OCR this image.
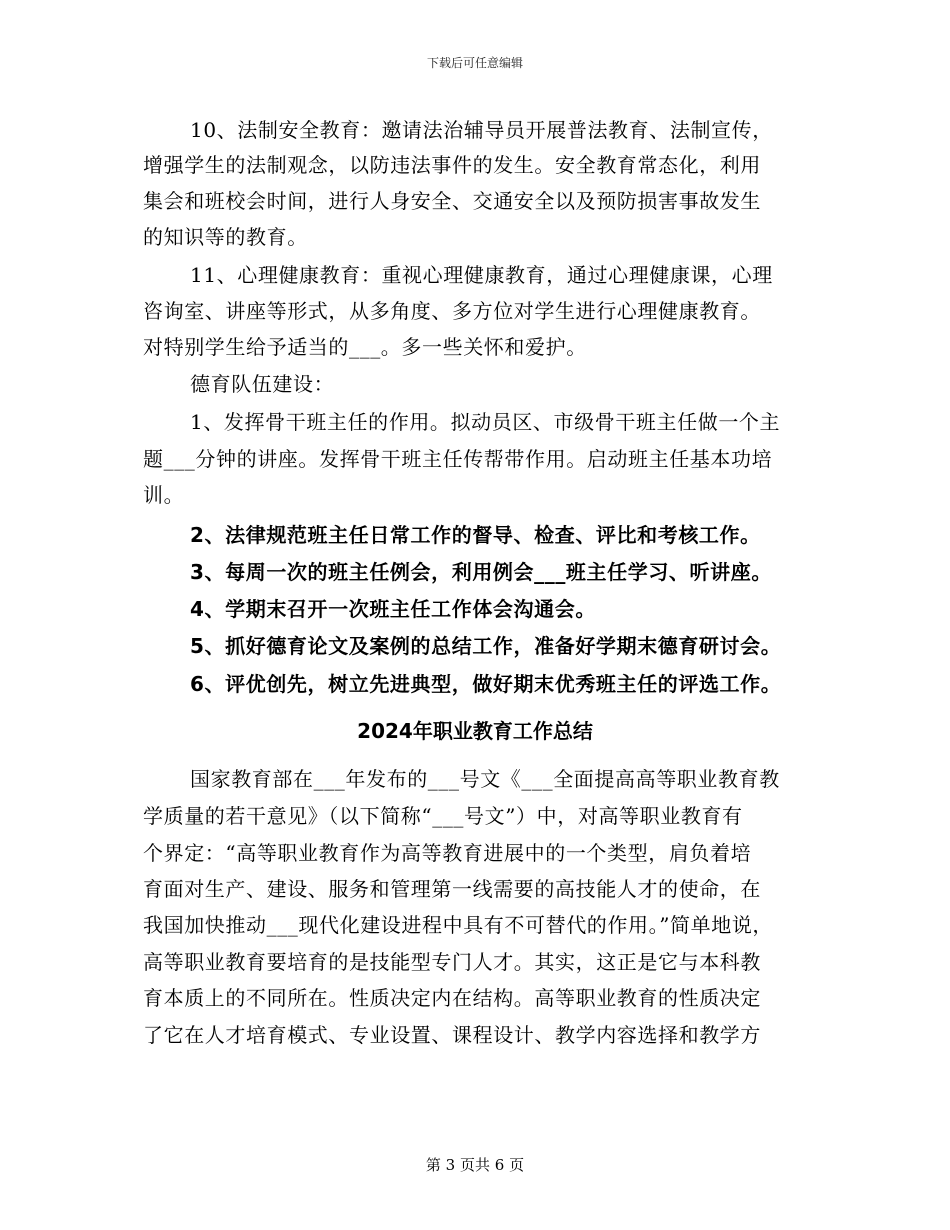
下载后可任意编辑
10、法制安全教育：邀请法治辅导员开展普法教育、法制宣传，
增强学生的法制观念，以防违法事件的发生。安全教育常态化，利用
集会和班校会时间，进行人身安全、交通安全以及预防损害事故发生
的知识等的教育。
11、心理健康教育：重视心理健康教育，通过心理健康课，心理
咨询室、讲座等形式，从多角度、多方位对学生进行心理健康教育。
对特别学生给予适当的___。多一些关怀和爱护。
德育队伍建设：
1、发挥骨干班主任的作用。拟动员区、市级骨干班主任做一个主
题___分钟的讲座。发挥骨干班主任传帮带作用。启动班主任基本功培
训。
2、法律规范班主任日常工作的督导、检查、评比和考核工作。
3、每周一次的班主任例会，利用例会___班主任学习、听讲座。
4、学期末召开一次班主任工作体会沟通会。
5、抓好德育论文及案例的总结工作，准备好学期末德育研讨会。
6、评优创先，树立先进典型，做好期末优秀班主任的评选工作。
2024年职业教育工作总结
国家教育部在___年发布的___号文《___全面提高高等职业教育教
学质量的若干意见》（以下简称“___号文”）中，对高等职业教育有
个界定：“高等职业教育作为高等教育进展中的一个类型，肩负着培
育面对生产、建设、服务和管理第一线需要的高技能人才的使命，在
我国加快推动___现代化建设进程中具有不可替代的作用。”简单地说，
高等职业教育要培育的是技能型专门人才。其实，这正是它与本科教
育本质上的不同所在。性质决定内在结构。高等职业教育的性质决定
了它在人才培育模式、专业设置、课程设计、教学内容选择和教学方
第 3 页共 6 页
